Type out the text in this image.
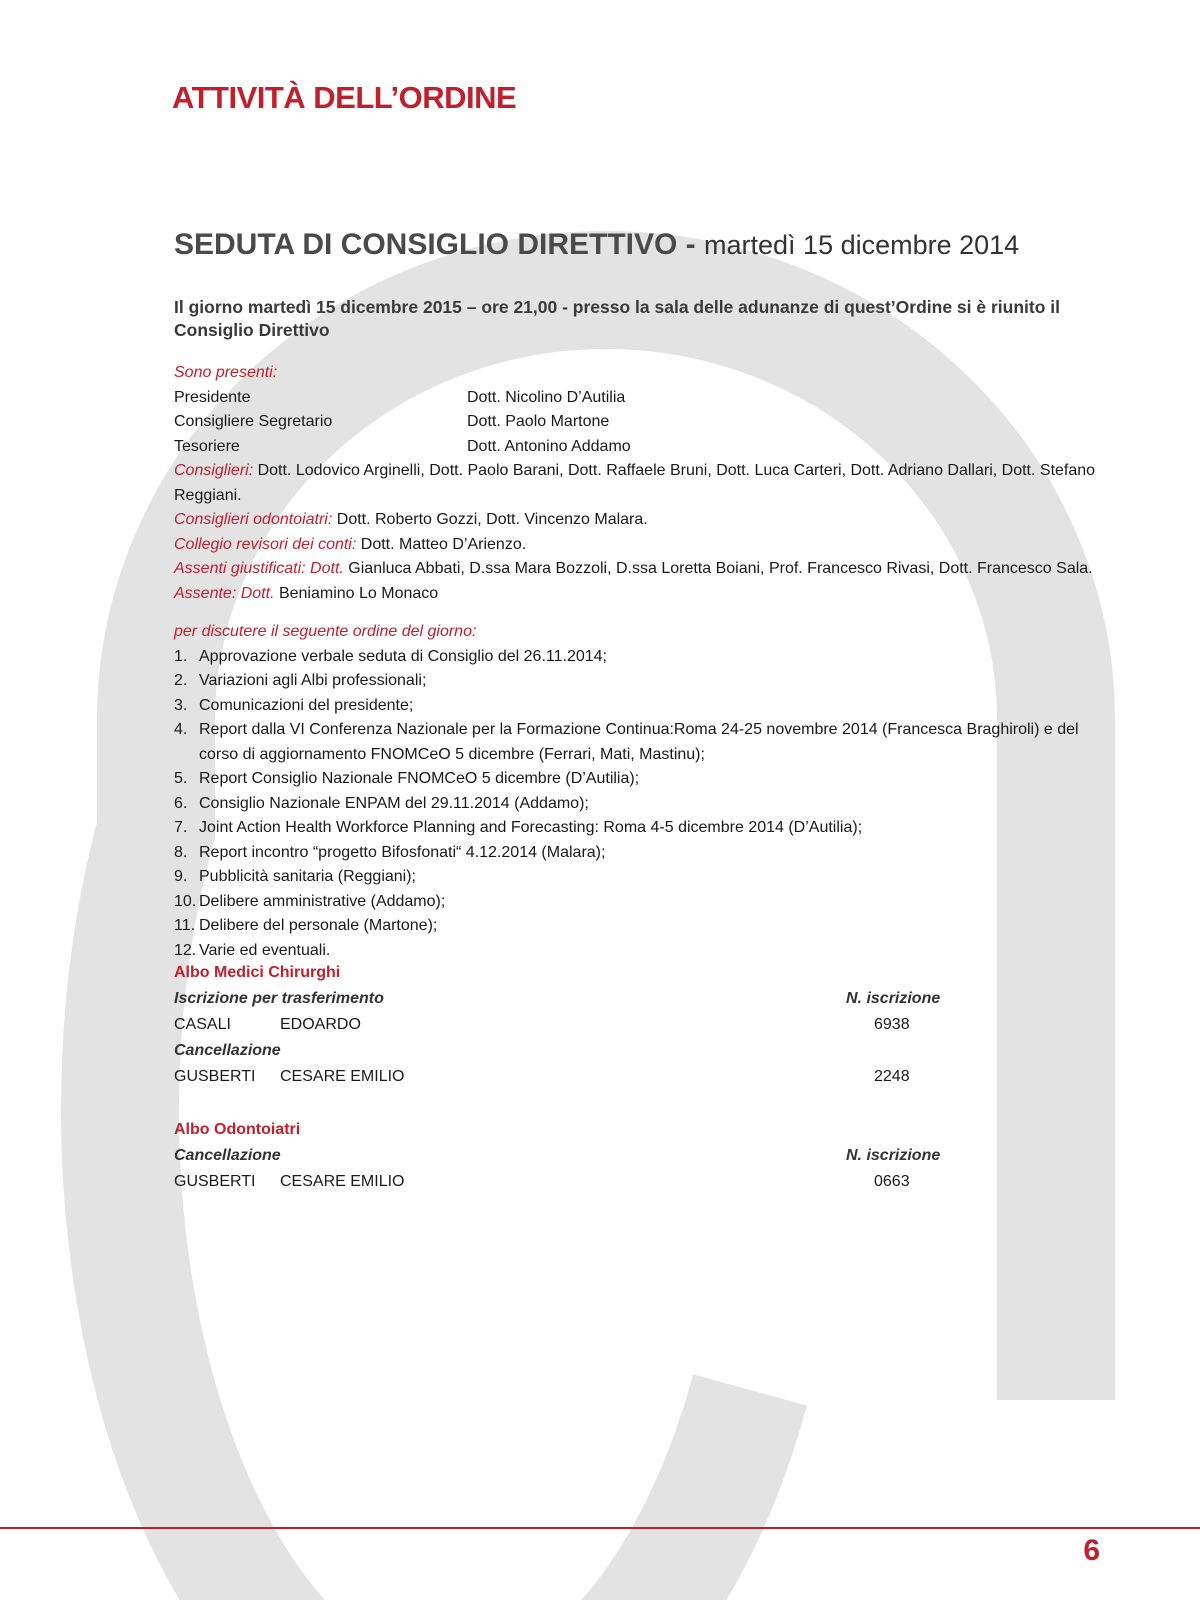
ATTIVITÀ DELL’ORDINE
SEDUTA DI CONSIGLIO DIRETTIVO - martedì 15 dicembre 2014

Il giorno martedì 15 dicembre 2015 – ore 21,00 - presso la sala delle adunanze di quest’Ordine si è riunito il Consiglio Direttivo

Sono presenti:
Presidente	Dott. Nicolino D’Autilia
Consigliere Segretario	Dott. Paolo Martone
Tesoriere	Dott. Antonino Addamo

Consiglieri: Dott. Lodovico Arginelli, Dott. Paolo Barani, Dott. Raffaele Bruni, Dott. Luca Carteri, Dott. Adriano Dallari, Dott. Stefano Reggiani.

Consiglieri odontoiatri: Dott. Roberto Gozzi, Dott. Vincenzo Malara.

Collegio revisori dei conti: Dott. Matteo D’Arienzo.

Assenti giustificati: Dott. Gianluca Abbati, D.ssa Mara Bozzoli, D.ssa Loretta Boiani, Prof. Francesco Rivasi, Dott. Francesco Sala.

Assente: Dott. Beniamino Lo Monaco

per discutere il seguente ordine del giorno:
1. Approvazione verbale seduta di Consiglio del 26.11.2014;
2. Variazioni agli Albi professionali;
3. Comunicazioni del presidente;
4. Report dalla VI Conferenza Nazionale per la Formazione Continua:Roma 24-25 novembre 2014 (Francesca Braghiroli) e del corso di aggiornamento FNOMCeO 5 dicembre (Ferrari, Mati, Mastinu);
5. Report Consiglio Nazionale FNOMCeO 5 dicembre (D’Autilia);
6. Consiglio Nazionale ENPAM del 29.11.2014 (Addamo);
7. Joint Action Health Workforce Planning and Forecasting: Roma 4-5 dicembre 2014 (D’Autilia);
8. Report incontro “progetto Bifosfonati“ 4.12.2014 (Malara);
9. Pubblicità sanitaria (Reggiani);
10. Delibere amministrative (Addamo);
11. Delibere del personale (Martone);
12. Varie ed eventuali.
Albo Medici Chirurghi
Iscrizione per trasferimento	N. iscrizione
CASALI	EDOARDO	6938
Cancellazione
GUSBERTI CESARE EMILIO	2248
Albo Odontoiatri
Cancellazione	N. iscrizione
GUSBERTI CESARE EMILIO	0663
6
